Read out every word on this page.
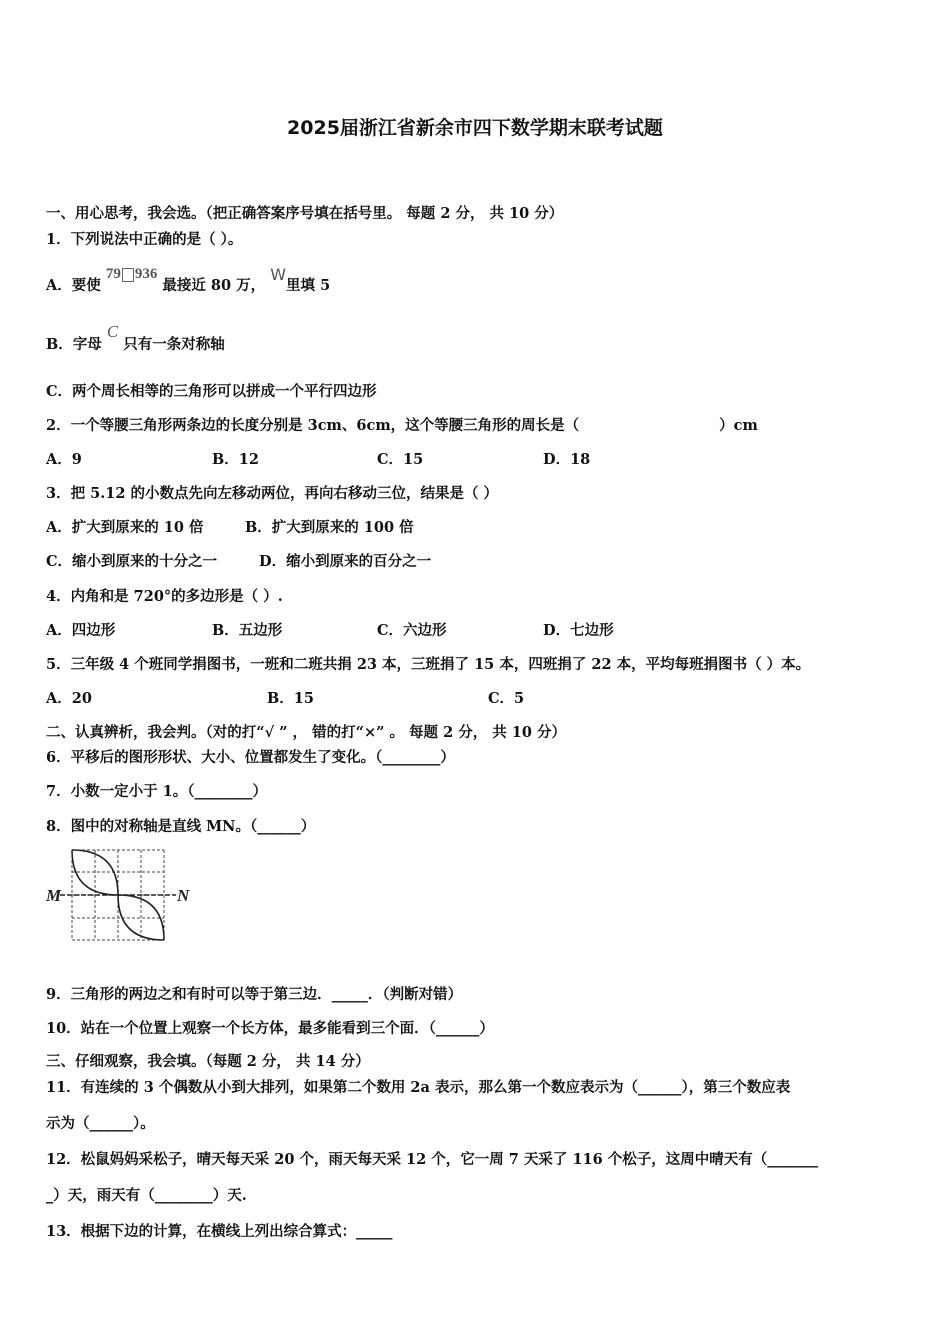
2025届浙江省新余市四下数学期末联考试题
一、用心思考，我会选。（把正确答案序号填在括号里。 每题 2 分， 共 10 分）
1．下列说法中正确的是（ ）。
A．要使 79 936 最接近 80 万， W里填 5
B．字母 C 只有一条对称轴
C．两个周长相等的三角形可以拼成一个平行四边形
2．一个等腰三角形两条边的长度分别是 3cm、6cm，这个等腰三角形的周长是（	）cm
A．9	B．12	C．15	D．18
3．把 5.12 的小数点先向左移动两位，再向右移动三位，结果是（ ）
A．扩大到原来的 10 倍	B．扩大到原来的 100 倍
C．缩小到原来的十分之一	D．缩小到原来的百分之一
4．内角和是 720°的多边形是（ ）.
A．四边形	B．五边形	C．六边形	D．七边形
5．三年级 4 个班同学捐图书，一班和二班共捐 23 本，三班捐了 15 本，四班捐了 22 本，平均每班捐图书（ ）本。
A．20	B．15	C．5
二、认真辨析，我会判。（对的打“√ ” ， 错的打“×” 。 每题 2 分， 共 10 分）
6．平移后的图形形状、大小、位置都发生了变化。（________）
7．小数一定小于 1。（________）
8．图中的对称轴是直线 MN。（______）
M	N
9．三角形的两边之和有时可以等于第三边．_____．（判断对错）
10．站在一个位置上观察一个长方体，最多能看到三个面．（______）
三、仔细观察，我会填。（每题 2 分， 共 14 分）
11．有连续的 3 个偶数从小到大排列，如果第二个数用 2a 表示，那么第一个数应表示为（______），第三个数应表
示为（______）。
12．松鼠妈妈采松子，晴天每天采 20 个，雨天每天采 12 个，它一周 7 天采了 116 个松子，这周中晴天有（_______
_）天，雨天有（________）天.
13．根据下边的计算，在横线上列出综合算式：_____
